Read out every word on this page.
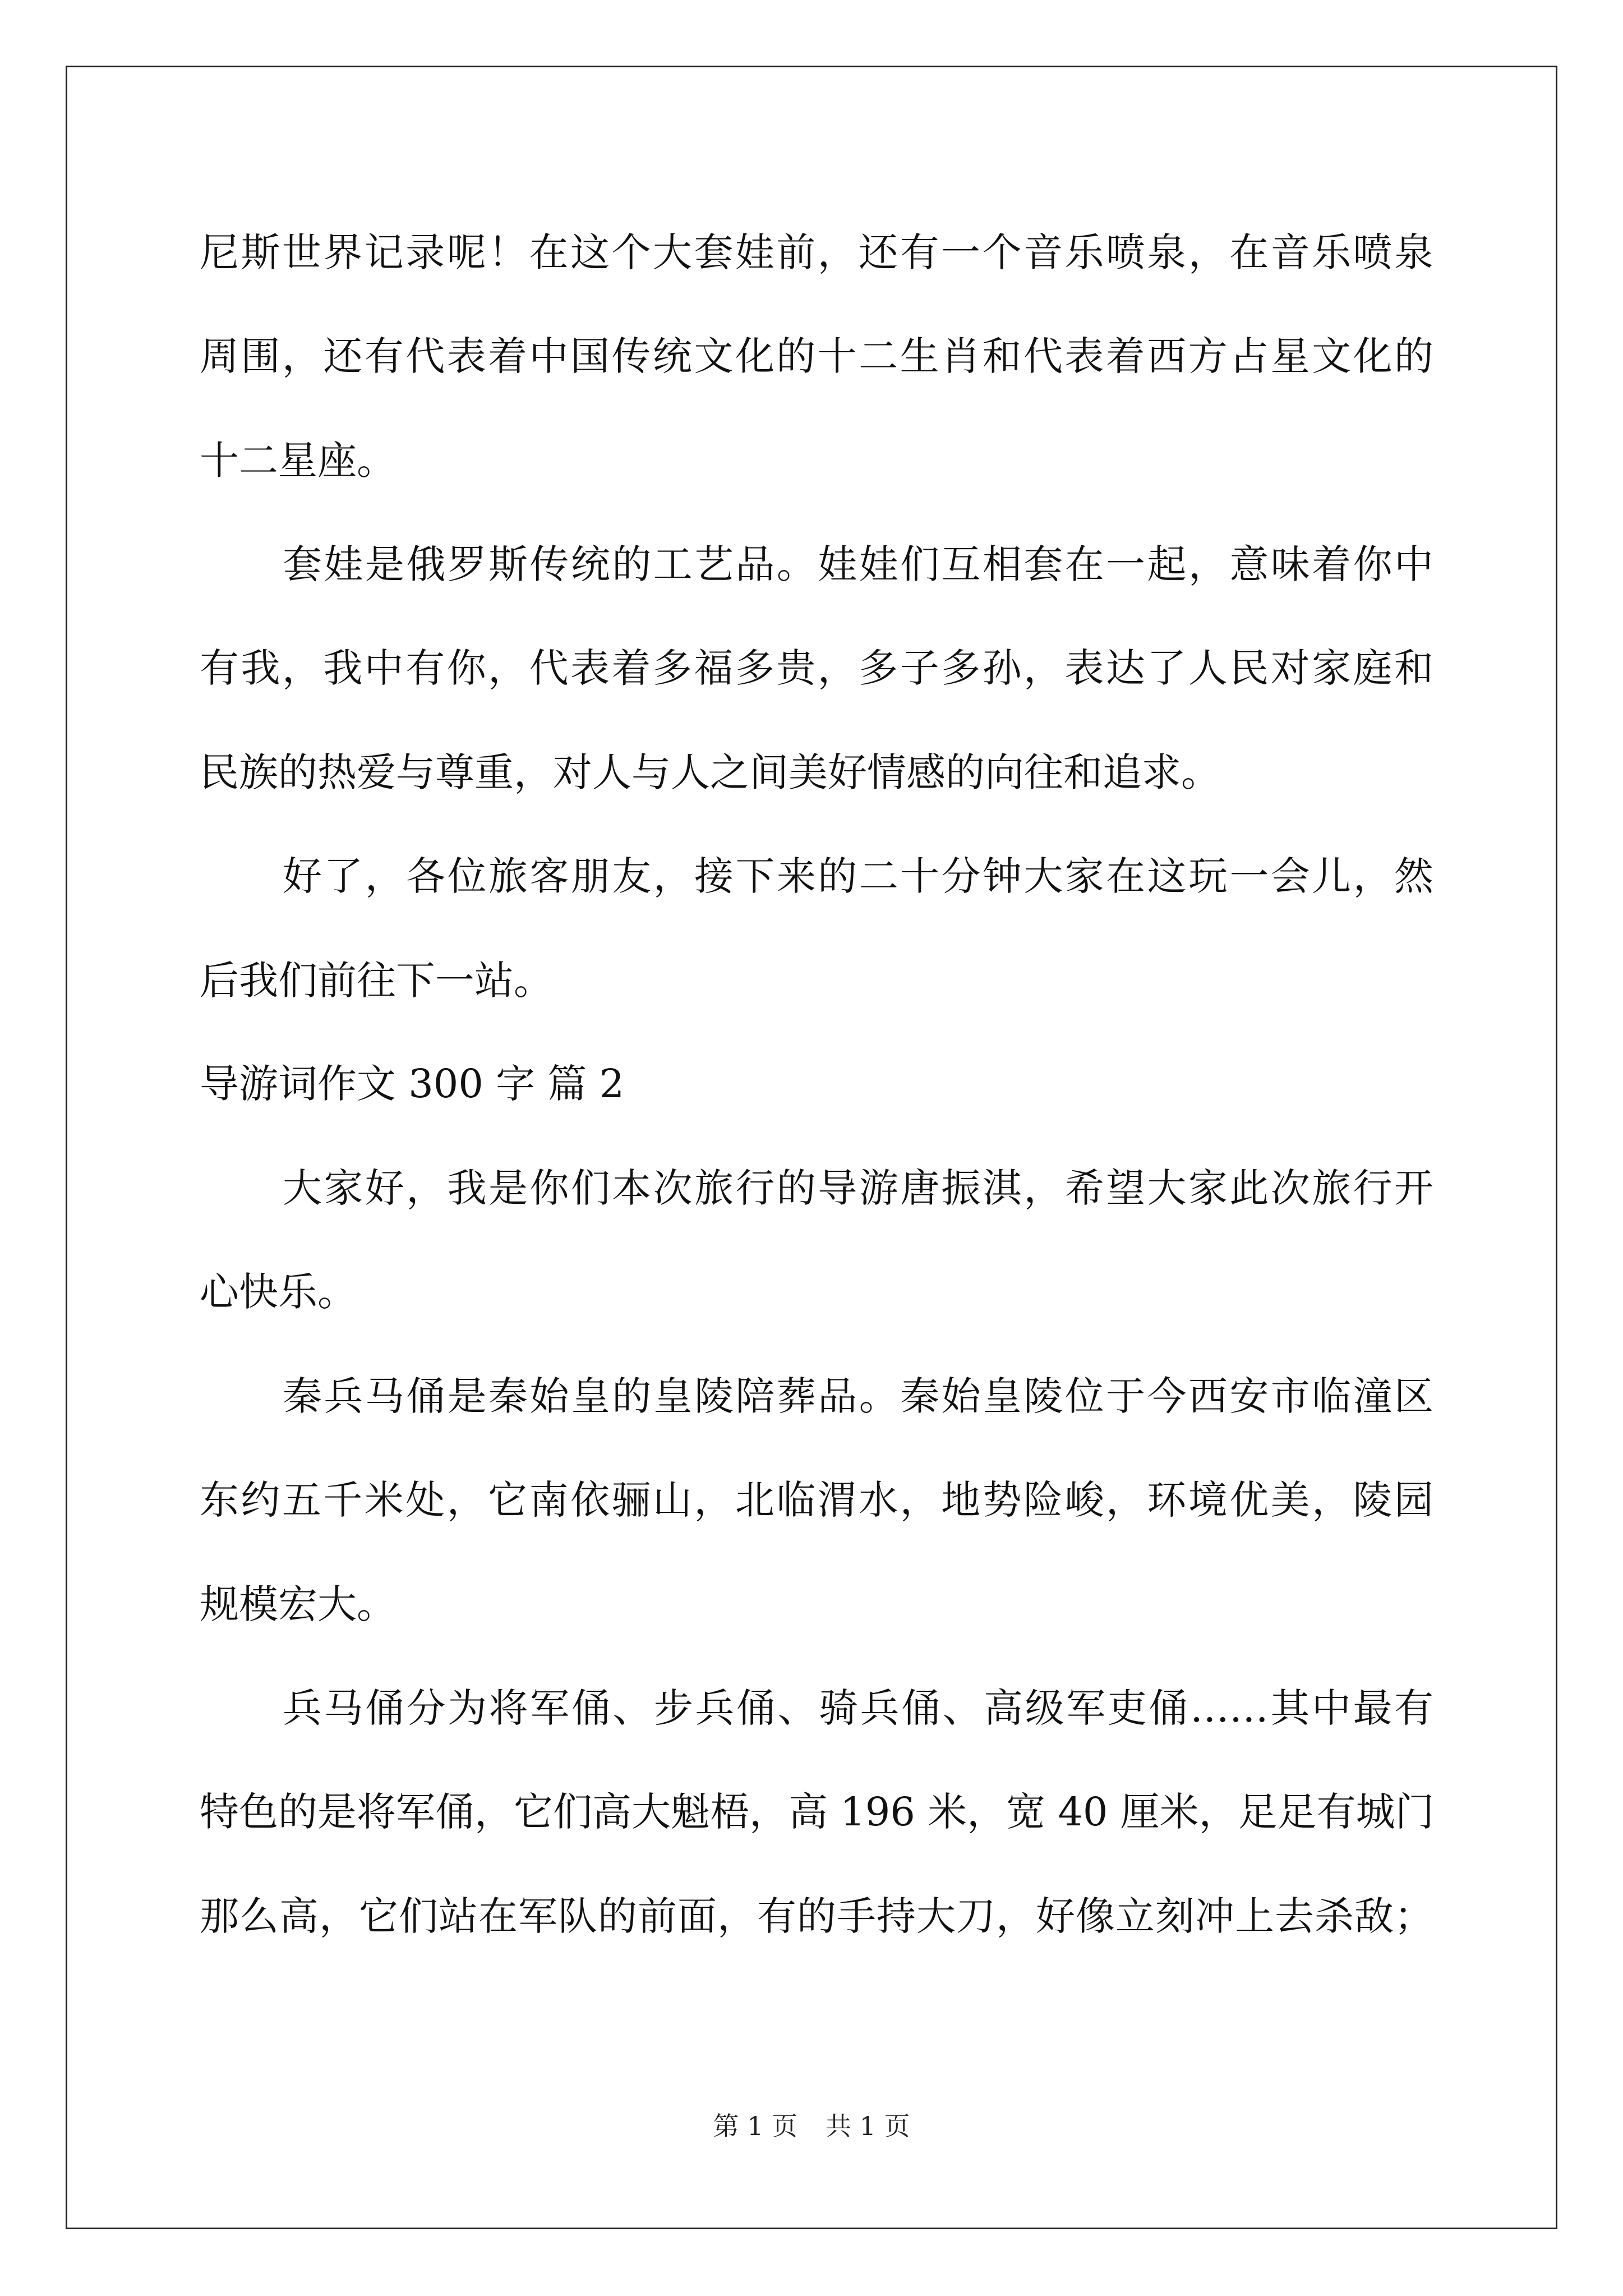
尼斯世界记录呢！在这个大套娃前，还有一个音乐喷泉，在音乐喷泉
周围，还有代表着中国传统文化的十二生肖和代表着西方占星文化的
十二星座。
套娃是俄罗斯传统的工艺品。娃娃们互相套在一起，意味着你中
有我，我中有你，代表着多福多贵，多子多孙，表达了人民对家庭和
民族的热爱与尊重，对人与人之间美好情感的向往和追求。
好了，各位旅客朋友，接下来的二十分钟大家在这玩一会儿，然
后我们前往下一站。
导游词作文 300 字 篇 2
大家好，我是你们本次旅行的导游唐振淇，希望大家此次旅行开
心快乐。
秦兵马俑是秦始皇的皇陵陪葬品。秦始皇陵位于今西安市临潼区
东约五千米处，它南依骊山，北临渭水，地势险峻，环境优美，陵园
规模宏大。
兵马俑分为将军俑、步兵俑、骑兵俑、高级军吏俑……其中最有
特色的是将军俑，它们高大魁梧，高 196 米，宽 40 厘米，足足有城门
那么高，它们站在军队的前面，有的手持大刀，好像立刻冲上去杀敌；
第 1 页 共 1 页
